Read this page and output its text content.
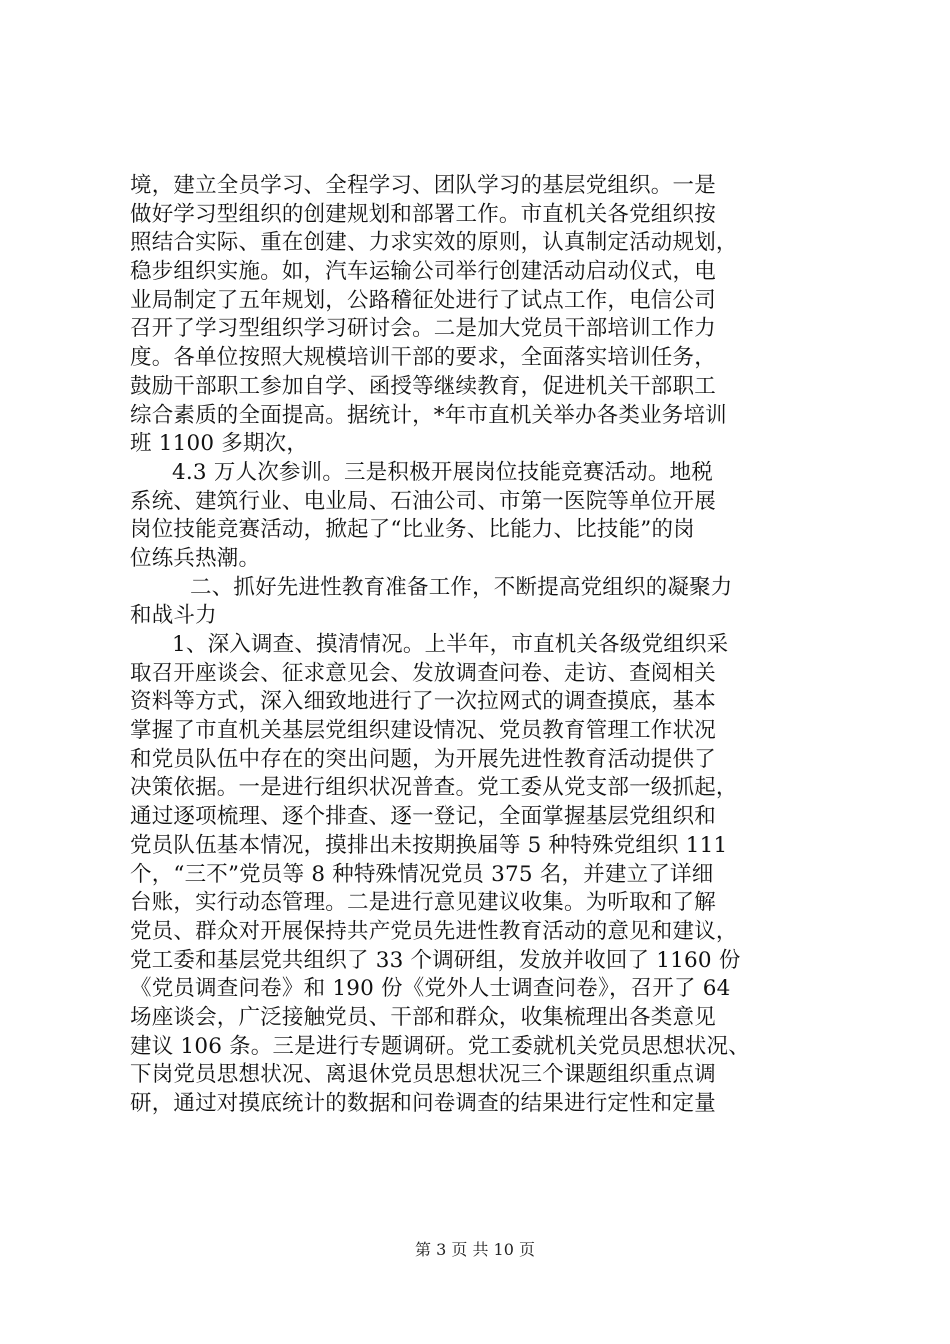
境，建立全员学习、全程学习、团队学习的基层党组织。一是
做好学习型组织的创建规划和部署工作。市直机关各党组织按
照结合实际、重在创建、力求实效的原则，认真制定活动规划，
稳步组织实施。如，汽车运输公司举行创建活动启动仪式，电
业局制定了五年规划，公路稽征处进行了试点工作，电信公司
召开了学习型组织学习研讨会。二是加大党员干部培训工作力
度。各单位按照大规模培训干部的要求，全面落实培训任务，
鼓励干部职工参加自学、函授等继续教育，促进机关干部职工
综合素质的全面提高。据统计，*年市直机关举办各类业务培训
班 1100 多期次，
4.3 万人次参训。三是积极开展岗位技能竞赛活动。地税
系统、建筑行业、电业局、石油公司、市第一医院等单位开展
岗位技能竞赛活动，掀起了“比业务、比能力、比技能”的岗
位练兵热潮。
二、抓好先进性教育准备工作，不断提高党组织的凝聚力
和战斗力
1、深入调查、摸清情况。上半年，市直机关各级党组织采
取召开座谈会、征求意见会、发放调查问卷、走访、查阅相关
资料等方式，深入细致地进行了一次拉网式的调查摸底，基本
掌握了市直机关基层党组织建设情况、党员教育管理工作状况
和党员队伍中存在的突出问题，为开展先进性教育活动提供了
决策依据。一是进行组织状况普查。党工委从党支部一级抓起，
通过逐项梳理、逐个排查、逐一登记，全面掌握基层党组织和
党员队伍基本情况，摸排出未按期换届等 5 种特殊党组织 111
个，“三不”党员等 8 种特殊情况党员 375 名，并建立了详细
台账，实行动态管理。二是进行意见建议收集。为听取和了解
党员、群众对开展保持共产党员先进性教育活动的意见和建议，
党工委和基层党共组织了 33 个调研组，发放并收回了 1160 份
《党员调查问卷》和 190 份《党外人士调查问卷》，召开了 64
场座谈会，广泛接触党员、干部和群众，收集梳理出各类意见
建议 106 条。三是进行专题调研。党工委就机关党员思想状况、
下岗党员思想状况、离退休党员思想状况三个课题组织重点调
研，通过对摸底统计的数据和问卷调查的结果进行定性和定量
第 3 页 共 10 页
